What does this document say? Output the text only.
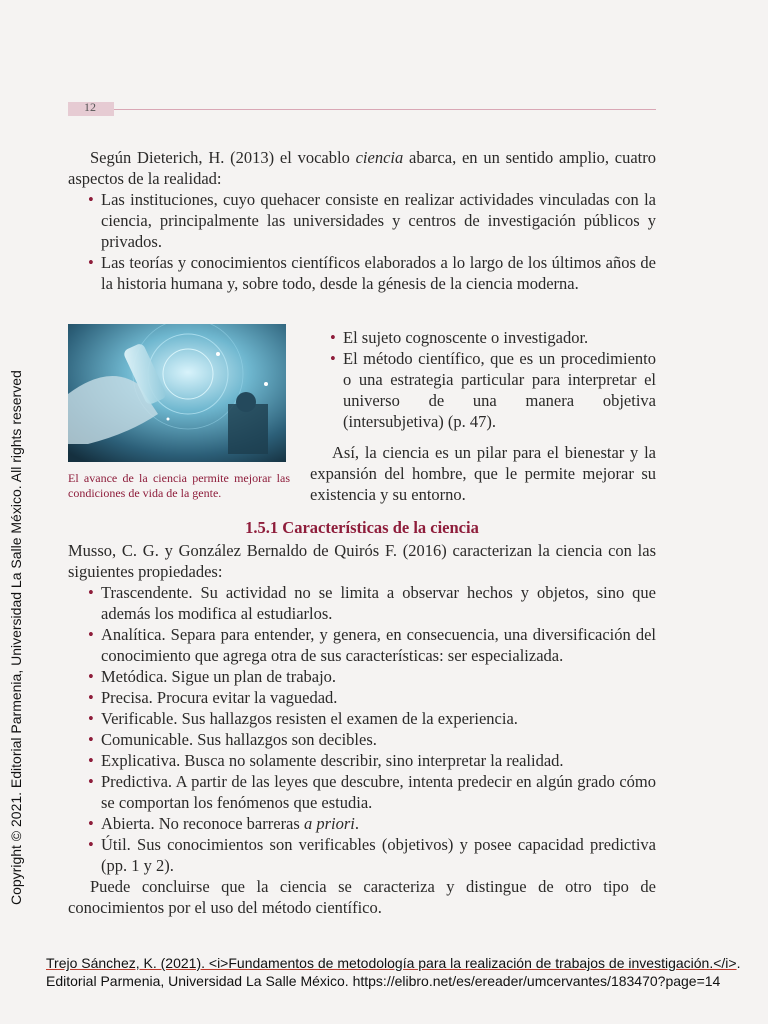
12
Copyright © 2021. Editorial Parmenia, Universidad La Salle México. All rights reserved

Según Dieterich, H. (2013) el vocablo ciencia abarca, en un sentido amplio, cuatro aspectos de la realidad:

• Las instituciones, cuyo quehacer consiste en realizar actividades vinculadas con la ciencia, principalmente las universidades y centros de investigación públicos y privados.
• Las teorías y conocimientos científicos elaborados a lo largo de los últimos años de la historia humana y, sobre todo, desde la génesis de la ciencia moderna.
El avance de la ciencia permite mejorar las condiciones de vida de la gente.
• El sujeto cognoscente o investigador.
• El método científico, que es un procedimiento o una estrategia particular para interpretar el universo de una manera objetiva (intersubjetiva) (p. 47).

Así, la ciencia es un pilar para el bienestar y la expansión del hombre, que le permite mejorar su existencia y su entorno.

1.5.1 Características de la ciencia

Musso, C. G. y González Bernaldo de Quirós F. (2016) caracterizan la ciencia con las siguientes propiedades:

• Trascendente. Su actividad no se limita a observar hechos y objetos, sino que además los modifica al estudiarlos.
• Analítica. Separa para entender, y genera, en consecuencia, una diversificación del conocimiento que agrega otra de sus características: ser especializada.
• Metódica. Sigue un plan de trabajo.
• Precisa. Procura evitar la vaguedad.
• Verificable. Sus hallazgos resisten el examen de la experiencia.
• Comunicable. Sus hallazgos son decibles.
• Explicativa. Busca no solamente describir, sino interpretar la realidad.
• Predictiva. A partir de las leyes que descubre, intenta predecir en algún grado cómo se comportan los fenómenos que estudia.
• Abierta. No reconoce barreras a priori.
• Útil. Sus conocimientos son verificables (objetivos) y posee capacidad predictiva (pp. 1 y 2).

Puede concluirse que la ciencia se caracteriza y distingue de otro tipo de conocimientos por el uso del método científico.

Trejo Sánchez, K. (2021). <i>Fundamentos de metodología para la realización de trabajos de investigación.</i>. Editorial Parmenia, Universidad La Salle México. https://elibro.net/es/ereader/umcervantes/183470?page=14
